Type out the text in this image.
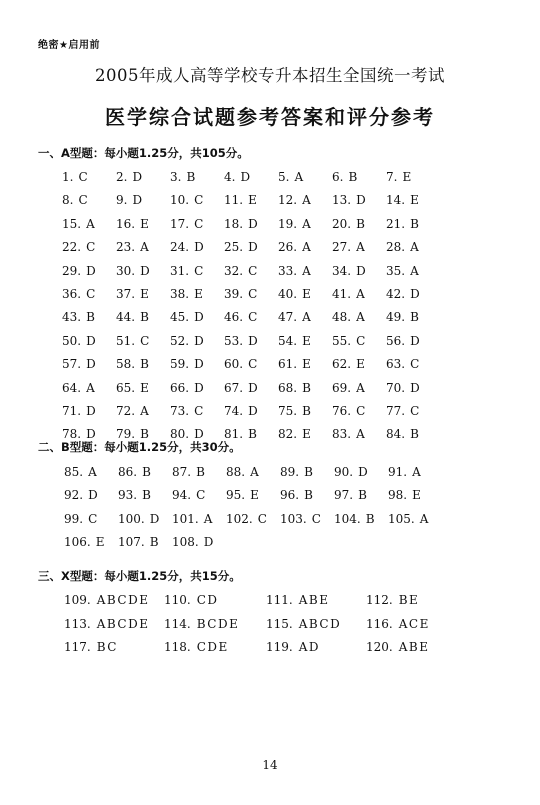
绝密★启用前
2005年成人高等学校专升本招生全国统一考试
医学综合试题参考答案和评分参考
一、A型题：每小题1.25分，共105分。
1. C	2. D	3. B	4. D	5. A	6. B	7. E
8. C	9. D	10. C	11. E	12. A	13. D	14. E
15. A	16. E	17. C	18. D	19. A	20. B	21. B
22. C	23. A	24. D	25. D	26. A	27. A	28. A
29. D	30. D	31. C	32. C	33. A	34. D	35. A
36. C	37. E	38. E	39. C	40. E	41. A	42. D
43. B	44. B	45. D	46. C	47. A	48. A	49. B
50. D	51. C	52. D	53. D	54. E	55. C	56. D
57. D	58. B	59. D	60. C	61. E	62. E	63. C
64. A	65. E	66. D	67. D	68. B	69. A	70. D
71. D	72. A	73. C	74. D	75. B	76. C	77. C
78. D	79. B	80. D	81. B	82. E	83. A	84. B
二、B型题：每小题1.25分，共30分。
85. A	86. B	87. B	88. A	89. B	90. D	91. A
92. D	93. B	94. C	95. E	96. B	97. B	98. E
99. C	100. D	101. A	102. C	103. C	104. B	105. A
106. E	107. B	108. D
三、X型题：每小题1.25分，共15分。
109. ABCDE	110. CD	111. ABE	112. BE
113. ABCDE	114. BCDE	115. ABCD	116. ACE
117. BC	118. CDE	119. AD	120. ABE
14
